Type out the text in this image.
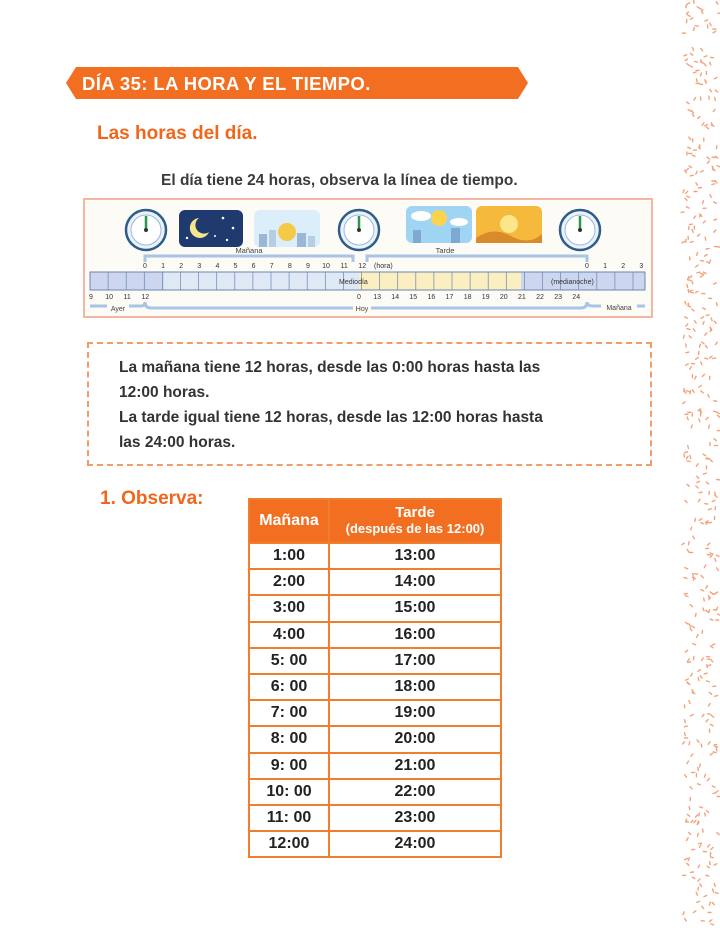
DÍA 35: LA HORA Y EL TIEMPO.
Las horas del día.
El día tiene 24 horas, observa la línea de tiempo.
Mañana	Tarde
0 1 2 3 4 5 6 7 8 9 10 11 12	0 1 2 3
(hora)
Mediodía	(medianoche)
9 10 11 12	0 13 14 15 16 17 18 19 20 21 22 23 24
Ayer	Hoy	Mañana
La mañana tiene 12 horas, desde las 0:00 horas hasta las
12:00 horas.
La tarde igual tiene 12 horas, desde las 12:00 horas hasta
las 24:00 horas.
1. Observa:
Mañana	Tarde
(después de las 12:00)

1:00	13:00
2:00	14:00
3:00	15:00
4:00	16:00
5: 00	17:00
6: 00	18:00
7: 00	19:00
8: 00	20:00
9: 00	21:00
10: 00	22:00
11: 00	23:00
12:00	24:00
